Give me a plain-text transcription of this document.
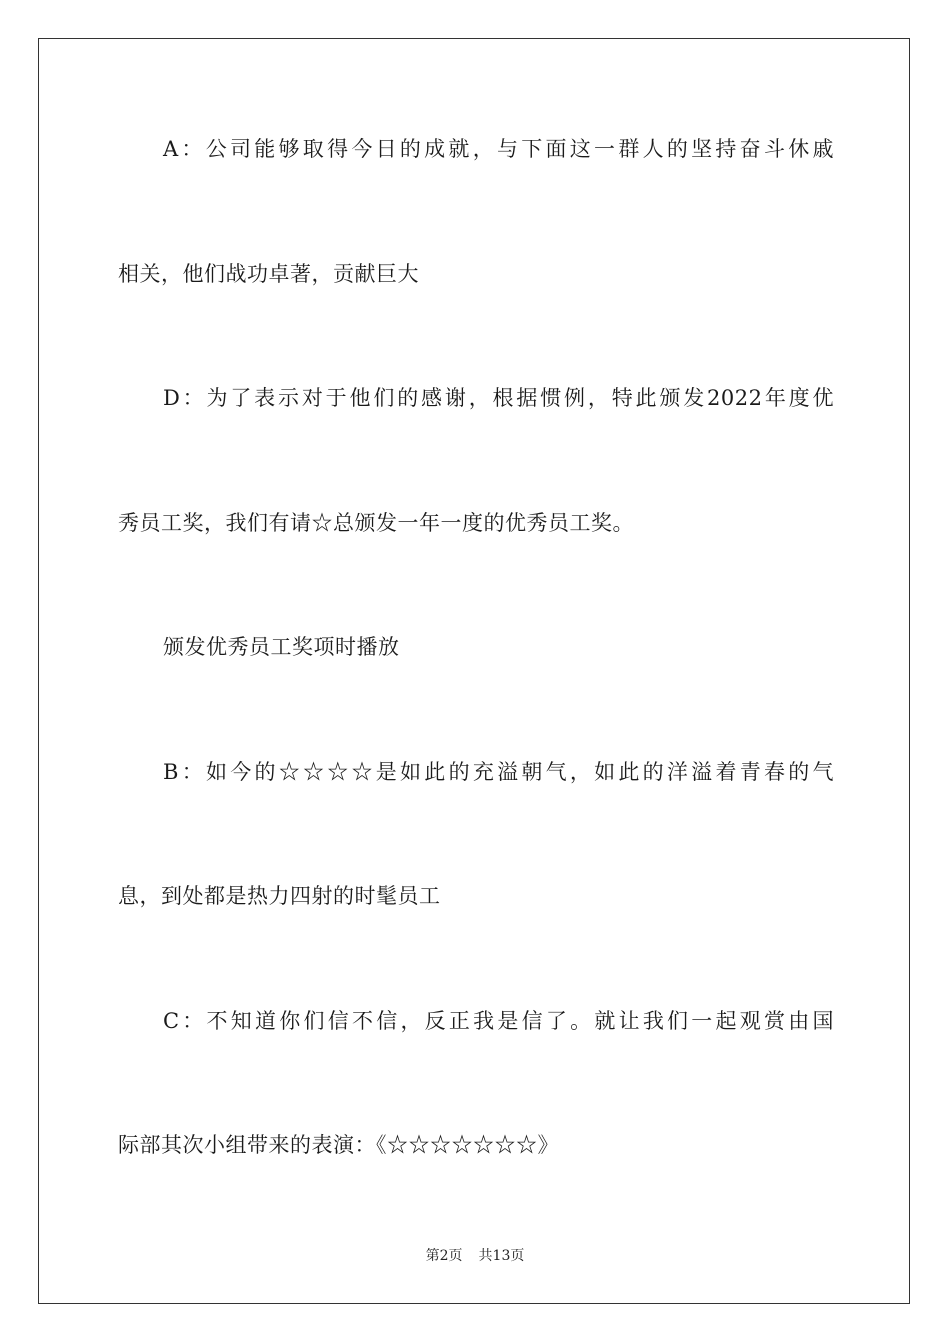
A：公司能够取得今日的成就，与下面这一群人的坚持奋斗休戚
相关，他们战功卓著，贡献巨大
D：为了表示对于他们的感谢，根据惯例，特此颁发2022年度优
秀员工奖，我们有请☆总颁发一年一度的优秀员工奖。
颁发优秀员工奖项时播放
B：如今的☆☆☆☆是如此的充溢朝气，如此的洋溢着青春的气
息，到处都是热力四射的时髦员工
C：不知道你们信不信，反正我是信了。就让我们一起观赏由国
际部其次小组带来的表演：《☆☆☆☆☆☆☆》
第2页 共13页
